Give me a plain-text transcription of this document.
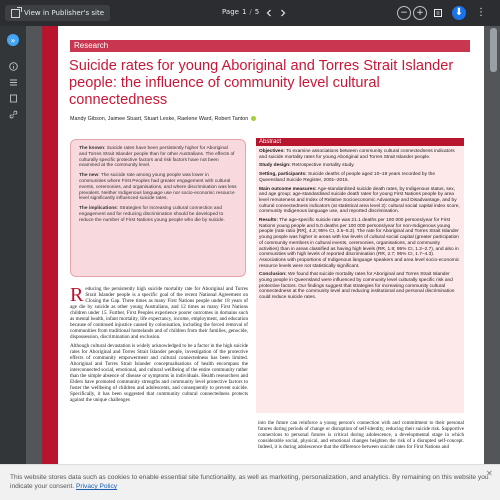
View in Publisher's site	Page 1 / 5	− +	⬇ ⋮
»
Research
Suicide rates for young Aboriginal and Torres Strait Islander people: the influence of community level cultural connectedness
Mandy Gibson, Jaimee Stuart, Stuart Leske, Raelene Ward, Robert Tanton

The known: Suicide rates have been persistently higher for Aboriginal and Torres Strait Islander people than for other Australians. The effects of culturally specific protective factors and risk factors have not been examined at the community level.

The new: The suicide rate among young people was lower in communities where First Peoples had greater engagement with cultural events, ceremonies, and organisations, and where discrimination was less prevalent. Neither Indigenous language use nor socio-economic resource level significantly influenced suicide rates.

The implications: Strategies for increasing cultural connection and engagement and for reducing discrimination should be developed to reduce the number of First Nations young people who die by suicide.

Abstract

Objectives: To examine associations between community cultural connectedness indicators and suicide mortality rates for young Aboriginal and Torres Strait Islander people.

Study design: Retrospective mortality study.

Setting, participants: Suicide deaths of people aged 10–19 years recorded by the Queensland Suicide Register, 2001–2015.

Main outcome measures: Age-standardised suicide death rates, by Indigenous status, sex, and age group; age-standardised suicide death rates for young First Nations people by area level remoteness and Index of Relative Socioeconomic Advantage and Disadvantage, and by cultural connectedness indicators (at statistical area level 2): cultural social capital index score, community Indigenous language use, and reported discrimination.

Results: The age-specific suicide rate was 21.1 deaths per 100 000 persons/year for First Nations young people and 5.0 deaths per 100 000 persons/year for non-Indigenous young people (rate ratio [RR], 4.3; 95% CI, 3.5–5.3). The rate for Aboriginal and Torres Strait Islander young people was higher in areas with low levels of cultural social capital (greater participation of community members in cultural events, ceremonies, organisations, and community activities) than in areas classified as having high levels (RR, 1.8; 95% CI, 1.2–2.7), and also in communities with high levels of reported discrimination (RR, 2.7; 95% CI, 1.7–4.3). Associations with proportions of Indigenous language speakers and area level socio-economic resource levels were not statistically significant.

Conclusion: We found that suicide mortality rates for Aboriginal and Torres Strait Islander young people in Queensland were influenced by community level culturally specific risk and protective factors. Our findings suggest that strategies for increasing community cultural connectedness at the community level and reducing institutional and personal discrimination could reduce suicide rates.

Reducing the persistently high suicide mortality rate for Aboriginal and Torres Strait Islander people is a specific goal of the recent National Agreement on Closing the Gap. Three times as many First Nations people under 18 years of age die by suicide as other young Australians, and 12 times as many First Nations children under 15. Further, First Peoples experience poorer outcomes in domains such as mental health, infant mortality, life expectancy, income, employment, and education because of continued injustice caused by colonisation, including the forced removal of communities from traditional homelands and of children from their families, genocide, dispossession, discrimination and exclusion.

Although cultural devastation is widely acknowledged to be a factor in the high suicide rates for Aboriginal and Torres Strait Islander people, investigation of the protective effects of community empowerment and cultural connectedness has been limited. Aboriginal and Torres Strait Islander conceptualisations of health encompass the interconnected social, emotional, and cultural wellbeing of the entire community rather than the simple absence of disease or symptoms in individuals. Health researchers and Elders have promoted community strengths and community level protective factors to foster the wellbeing of children and adolescents, and consequently to prevent suicide. Specifically, it has been suggested that community cultural connectedness protects against the unique challenges

into the future can reinforce a young person's connection with and commitment to their personal futures during periods of change or disruption of self-identity, reducing their suicide risk. Supportive connections to personal futures is critical during adolescence, a developmental stage in which considerable social, physical, and emotional changes heighten the risk of a disrupted self-concept. Indeed, it is during adolescence that the difference between suicide rates for First Nations and
This website stores data such as cookies to enable essential site functionality, as well as marketing, personalization, and analytics. By remaining on this website you indicate your consent. Privacy Policy
✕
